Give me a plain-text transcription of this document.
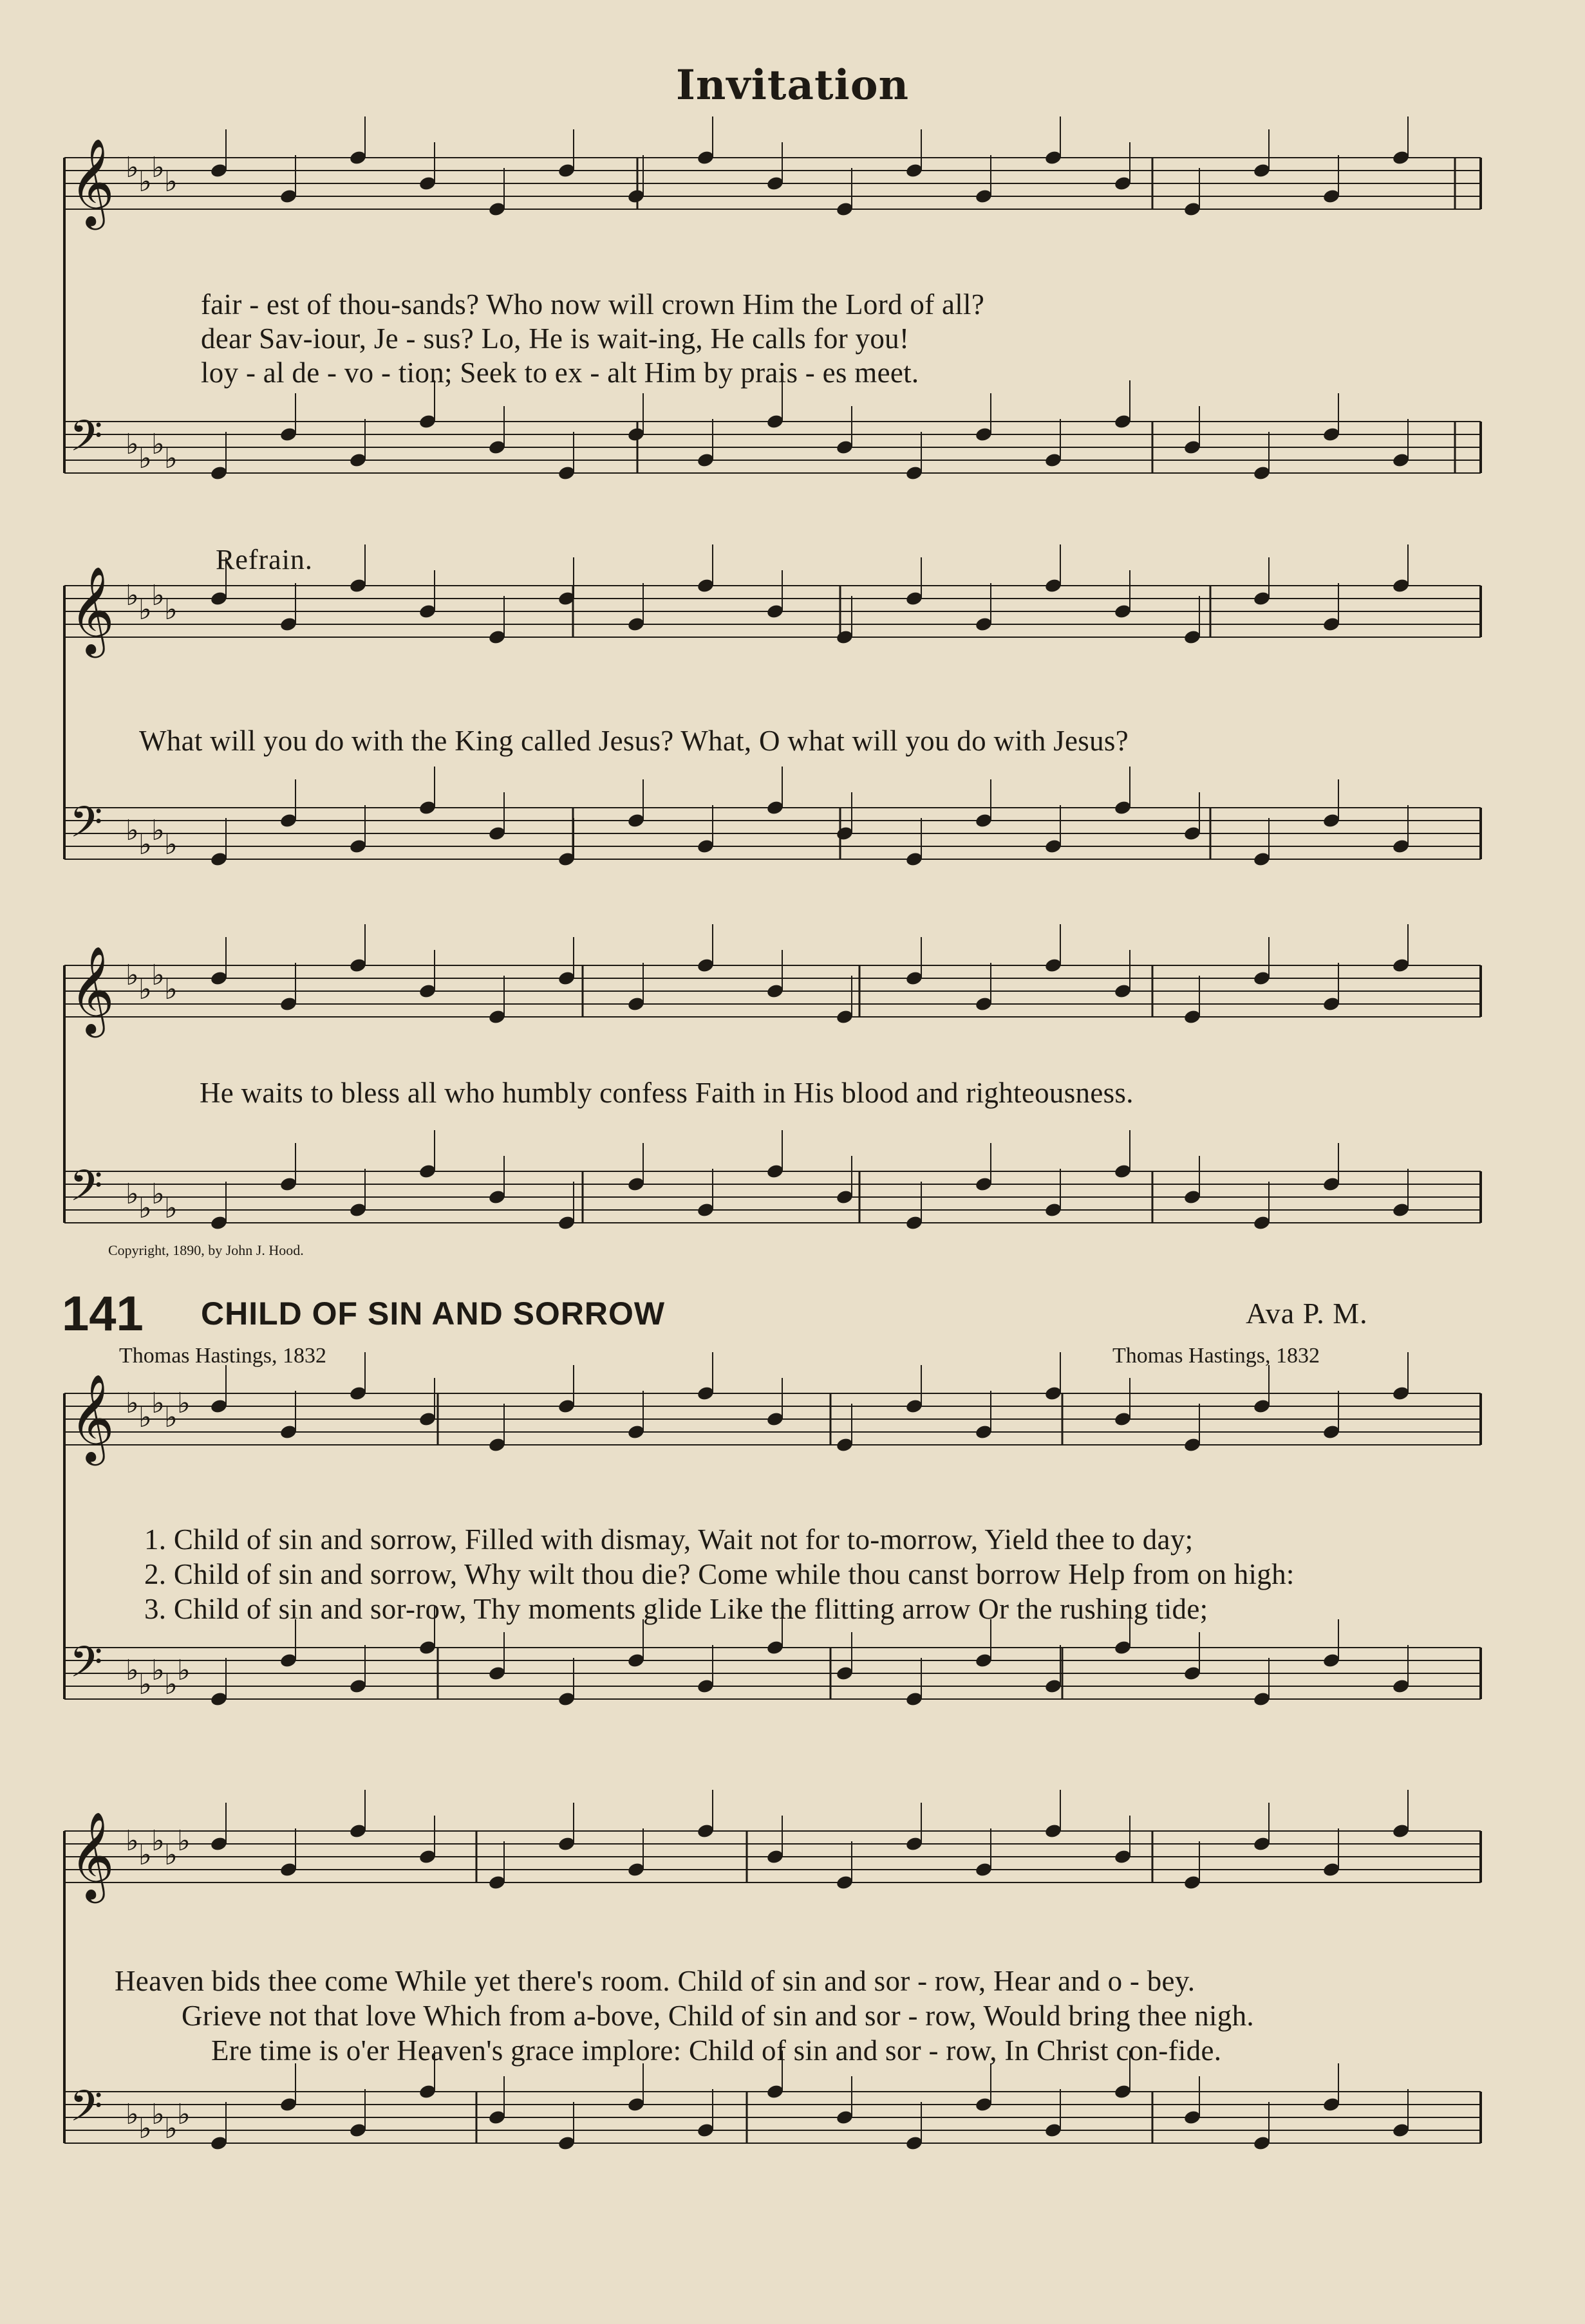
𝄞 ♭ ♭ ♭ ♭
𝄢 ♭ ♭ ♭ ♭
𝄞 ♭ ♭ ♭ ♭
𝄢 ♭ ♭ ♭ ♭
𝄞 ♭ ♭ ♭ ♭
𝄢 ♭ ♭ ♭ ♭
𝄞 ♭ ♭ ♭ ♭ ♭
𝄢 ♭ ♭ ♭ ♭ ♭
𝄞 ♭ ♭ ♭ ♭ ♭
𝄢 ♭ ♭ ♭ ♭ ♭
Invitation
fair - est of thou-sands? Who now will crown Him the Lord of all?
dear Sav-iour, Je - sus? Lo, He is wait-ing, He calls for you!
loy - al de - vo - tion; Seek to ex - alt Him by prais - es meet.
Refrain.
What will you do with the King called Jesus? What, O what will you do with Jesus?
He waits to bless all who humbly confess Faith in His blood and righteousness.
Copyright, 1890, by John J. Hood.
141 CHILD OF SIN AND SORROW	Ava P. M.
Thomas Hastings, 1832	Thomas Hastings, 1832
1. Child of sin and sorrow, Filled with dismay, Wait not for to-morrow, Yield thee to day;
2. Child of sin and sorrow, Why wilt thou die? Come while thou canst borrow Help from on high:
3. Child of sin and sor-row, Thy moments glide Like the flitting arrow Or the rushing tide;
Heaven bids thee come While yet there's room. Child of sin and sor - row, Hear and o - bey.
Grieve not that love Which from a-bove, Child of sin and sor - row, Would bring thee nigh.
Ere time is o'er Heaven's grace implore: Child of sin and sor - row, In Christ con-fide.
